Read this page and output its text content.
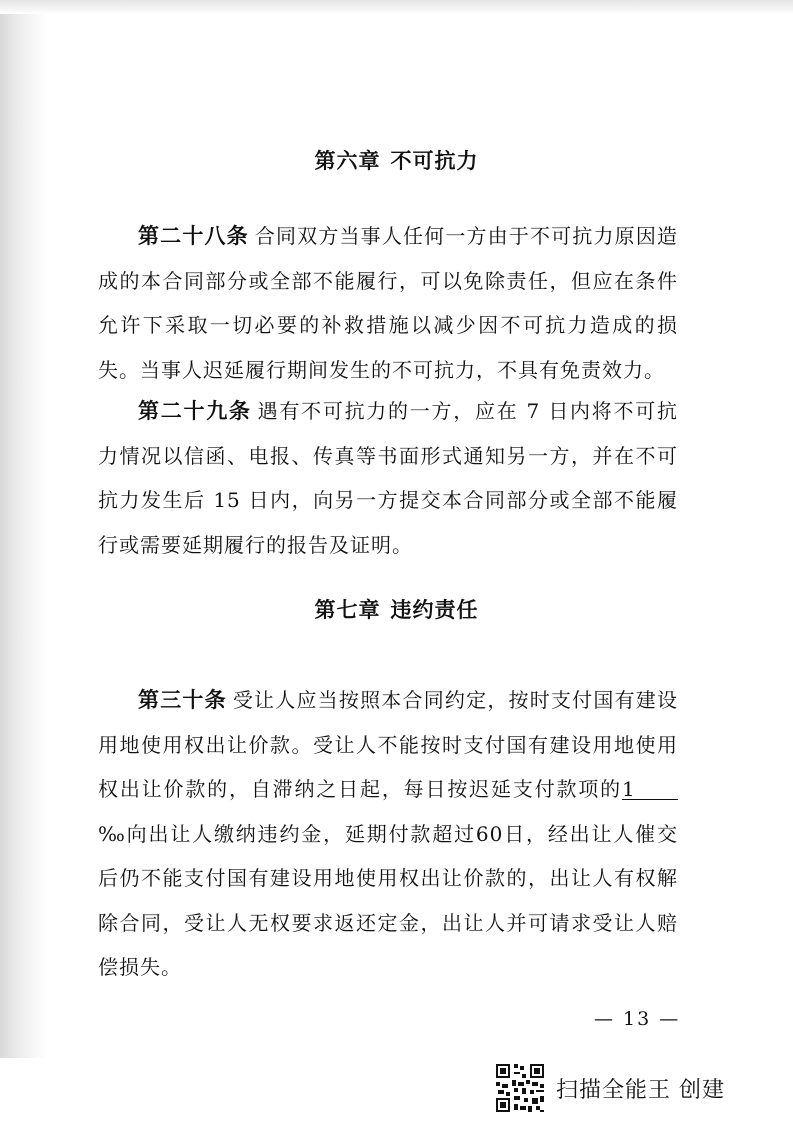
第六章 不可抗力
第二十八条 合同双方当事人任何一方由于不可抗力原因造成的本合同部分或全部不能履行，可以免除责任，但应在条件允许下采取一切必要的补救措施以减少因不可抗力造成的损失。当事人迟延履行期间发生的不可抗力，不具有免责效力。
第二十九条 遇有不可抗力的一方，应在 7 日内将不可抗力情况以信函、电报、传真等书面形式通知另一方，并在不可抗力发生后 15 日内，向另一方提交本合同部分或全部不能履行或需要延期履行的报告及证明。
第七章 违约责任
第三十条 受让人应当按照本合同约定，按时支付国有建设用地使用权出让价款。受让人不能按时支付国有建设用地使用权出让价款的，自滞纳之日起，每日按迟延支付款项的1‰向出让人缴纳违约金，延期付款超过60日，经出让人催交后仍不能支付国有建设用地使用权出让价款的，出让人有权解除合同，受让人无权要求返还定金，出让人并可请求受让人赔偿损失。
— 13 —
扫描全能王 创建
